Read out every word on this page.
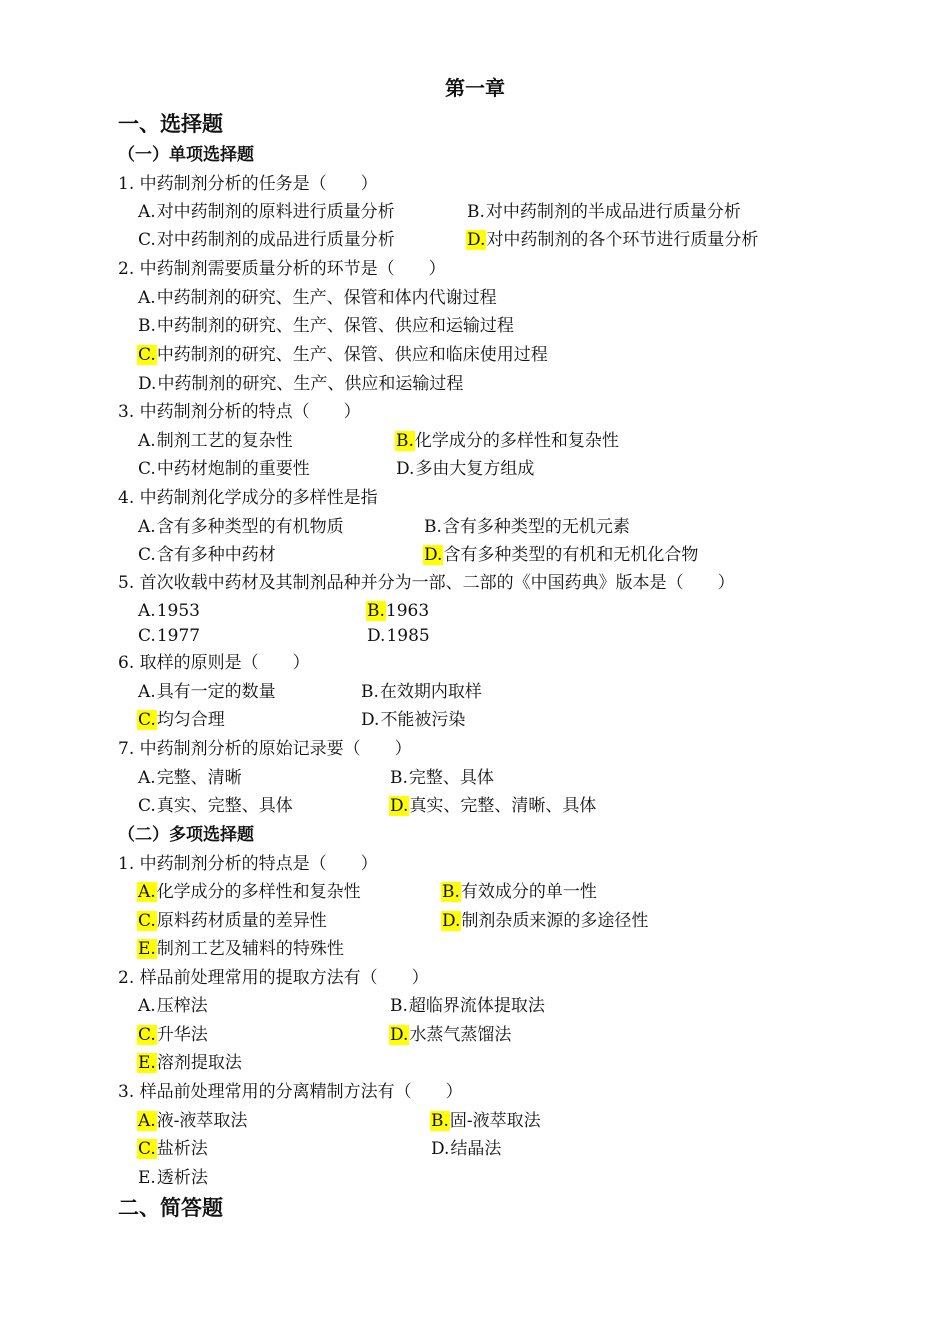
第一章
一、选择题
（一）单项选择题
1. 中药制剂分析的任务是（　　）
A.对中药制剂的原料进行质量分析	B.对中药制剂的半成品进行质量分析
C.对中药制剂的成品进行质量分析	D.对中药制剂的各个环节进行质量分析
2. 中药制剂需要质量分析的环节是（　　）
A.中药制剂的研究、生产、保管和体内代谢过程
B.中药制剂的研究、生产、保管、供应和运输过程
C.中药制剂的研究、生产、保管、供应和临床使用过程
D.中药制剂的研究、生产、供应和运输过程
3. 中药制剂分析的特点（　　）
A.制剂工艺的复杂性	B.化学成分的多样性和复杂性
C.中药材炮制的重要性	D.多由大复方组成
4. 中药制剂化学成分的多样性是指
A.含有多种类型的有机物质	B.含有多种类型的无机元素
C.含有多种中药材	D.含有多种类型的有机和无机化合物
5. 首次收载中药材及其制剂品种并分为一部、二部的《中国药典》版本是（　　）
A.1953	B.1963
C.1977	D.1985
6. 取样的原则是（　　）
A.具有一定的数量	B.在效期内取样
C.均匀合理	D.不能被污染
7. 中药制剂分析的原始记录要（　　）
A.完整、清晰	B.完整、具体
C.真实、完整、具体	D.真实、完整、清晰、具体
（二）多项选择题
1. 中药制剂分析的特点是（　　）
A.化学成分的多样性和复杂性	B.有效成分的单一性
C.原料药材质量的差异性	D.制剂杂质来源的多途径性
E.制剂工艺及辅料的特殊性
2. 样品前处理常用的提取方法有（　　）
A.压榨法	B.超临界流体提取法
C.升华法	D.水蒸气蒸馏法
E.溶剂提取法
3. 样品前处理常用的分离精制方法有（　　）
A.液-液萃取法	B.固-液萃取法
C.盐析法	D.结晶法
E.透析法
二、简答题
